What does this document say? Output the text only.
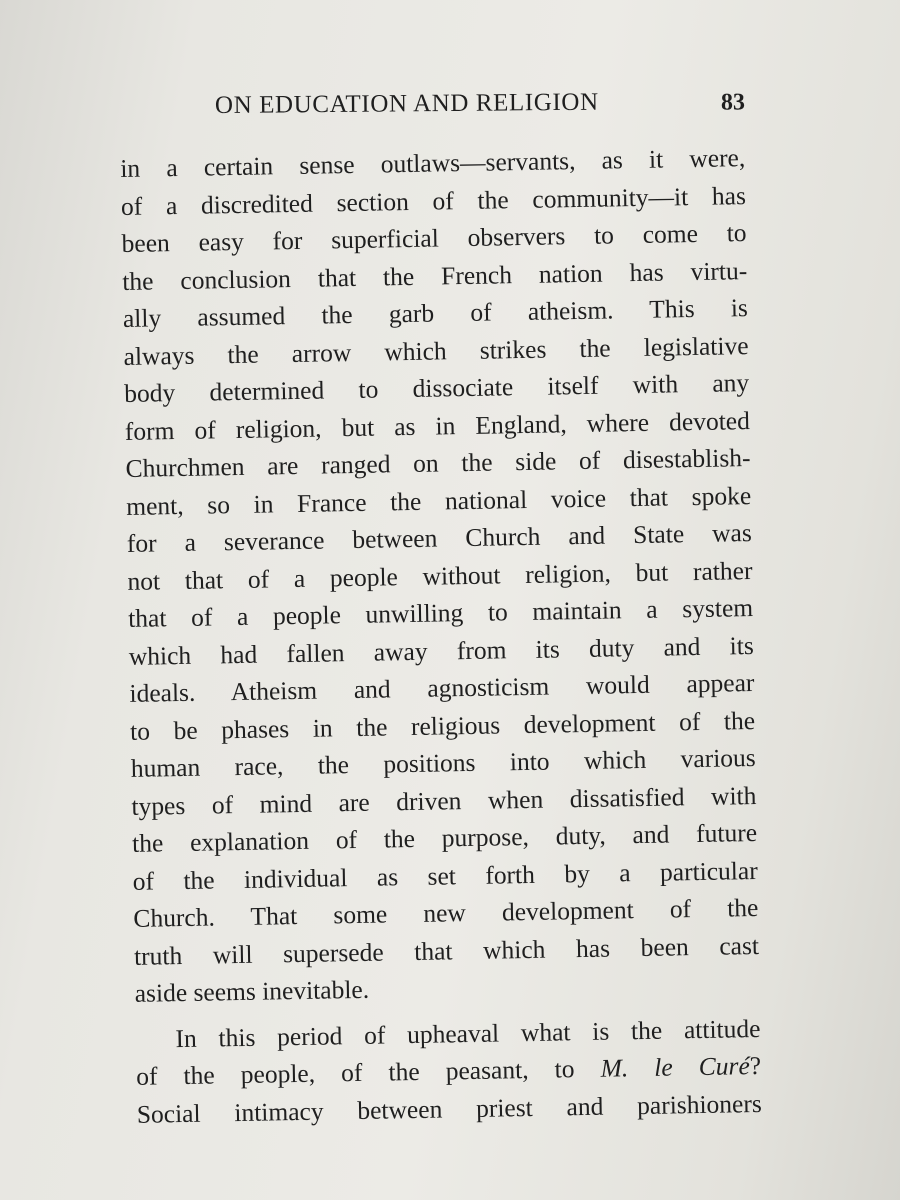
ON EDUCATION AND RELIGION	83
in a certain sense outlaws—servants, as it were,
of a discredited section of the community—it has
been easy for superficial observers to come to
the conclusion that the French nation has virtu-
ally assumed the garb of atheism. This is
always the arrow which strikes the legislative
body determined to dissociate itself with any
form of religion, but as in England, where devoted
Churchmen are ranged on the side of disestablish-
ment, so in France the national voice that spoke
for a severance between Church and State was
not that of a people without religion, but rather
that of a people unwilling to maintain a system
which had fallen away from its duty and its
ideals. Atheism and agnosticism would appear
to be phases in the religious development of the
human race, the positions into which various
types of mind are driven when dissatisfied with
the explanation of the purpose, duty, and future
of the individual as set forth by a particular
Church. That some new development of the
truth will supersede that which has been cast
aside seems inevitable.
In this period of upheaval what is the attitude
of the people, of the peasant, to M. le Curé?
Social intimacy between priest and parishioners
